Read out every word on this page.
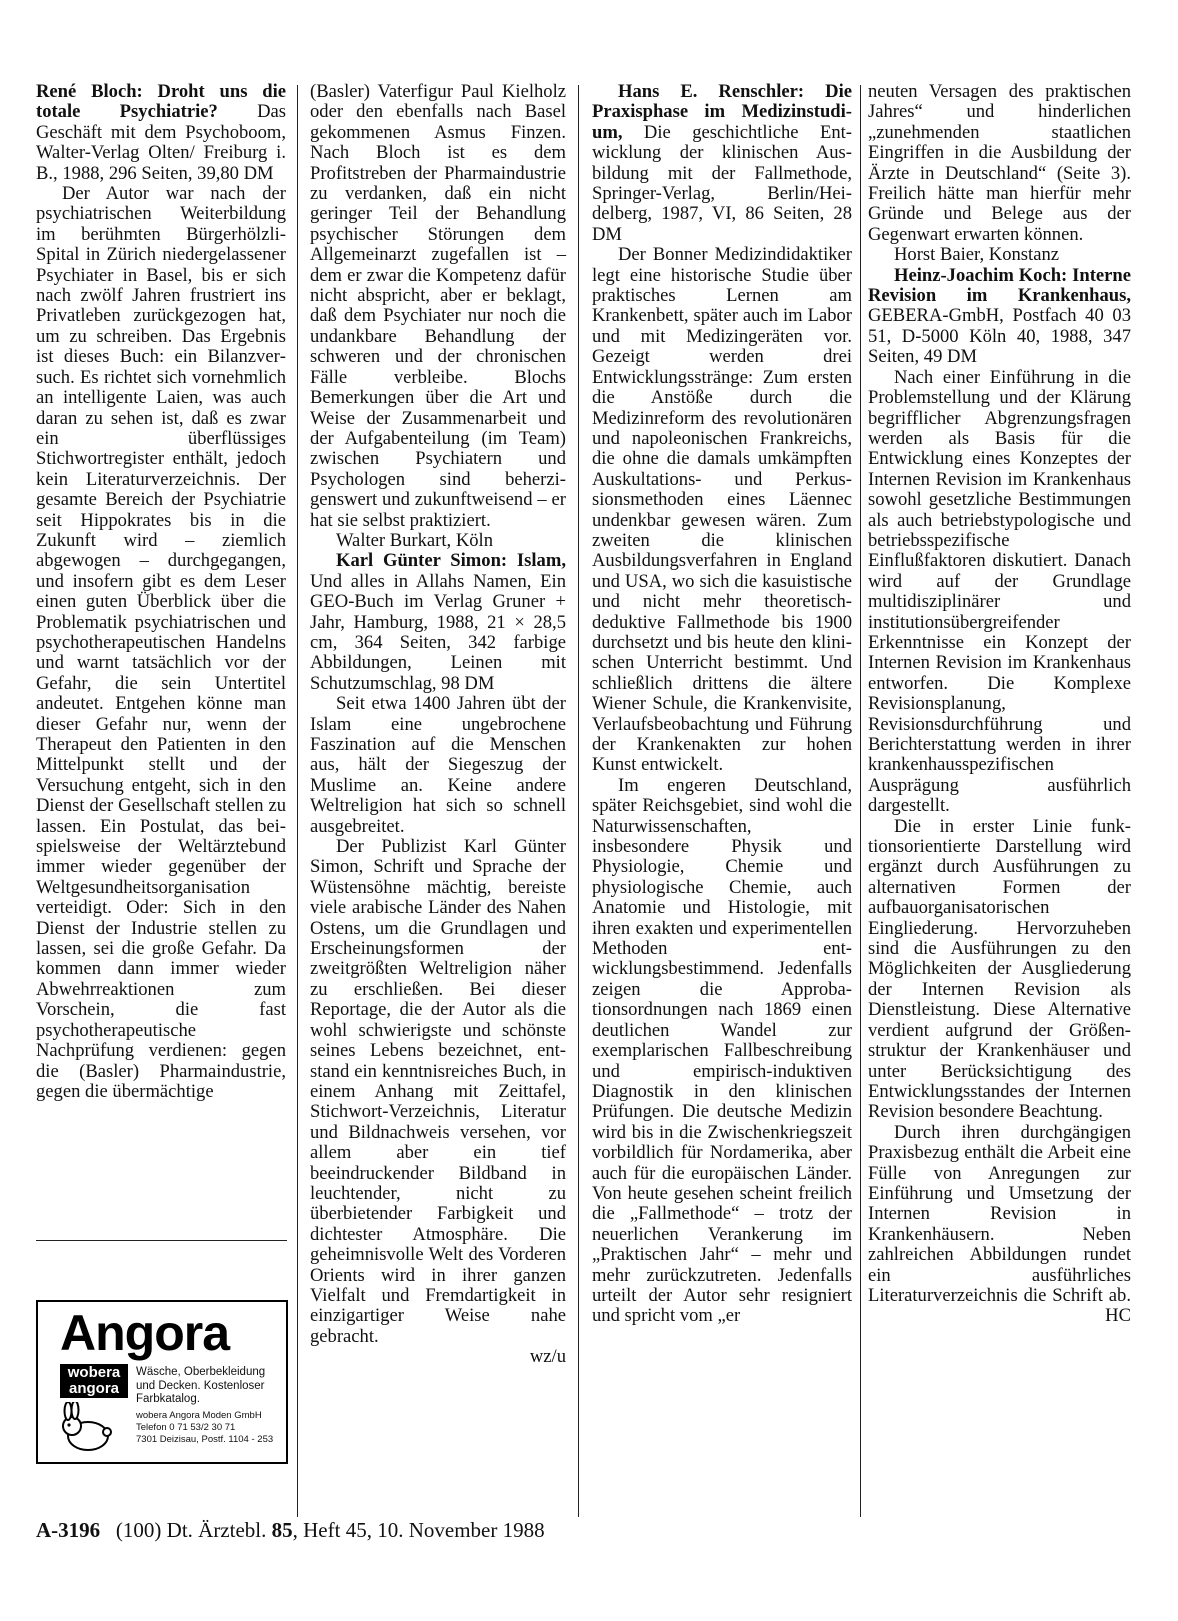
René Bloch: Droht uns die totale Psychiatrie? Das Geschäft mit dem Psychoboom, Walter-Verlag Olten/ Freiburg i. B., 1988, 296 Seiten, 39,80 DM

Der Autor war nach der psychiatrischen Weiterbildung im berühmten Bürgerhölzli-Spital in Zürich niedergelassener Psychiater in Basel, bis er sich nach zwölf Jahren frustriert ins Privatleben zurückgezogen hat, um zu schreiben. Das Ergebnis ist dieses Buch: ein Bilanzversuch. Es richtet sich vornehmlich an intelligente Laien, was auch daran zu sehen ist, daß es zwar ein überflüssiges Stichwortregister enthält, jedoch kein Literaturverzeichnis. Der gesamte Bereich der Psychiatrie seit Hippokrates bis in die Zukunft wird – ziemlich abgewogen – durchgegangen, und insofern gibt es dem Leser einen guten Überblick über die Problematik psychiatrischen und psychotherapeutischen Handelns und warnt tatsächlich vor der Gefahr, die sein Untertitel andeutet. Entgehen könne man dieser Gefahr nur, wenn der Therapeut den Patienten in den Mittelpunkt stellt und der Versuchung entgeht, sich in den Dienst der Gesellschaft stellen zu lassen. Ein Postulat, das beispielsweise der Weltärztebund immer wieder gegenüber der Weltgesundheitsorganisation verteidigt. Oder: Sich in den Dienst der Industrie stellen zu lassen, sei die große Gefahr. Da kommen dann immer wieder Abwehrreaktionen zum Vorschein, die fast psychotherapeutische Nachprüfung verdienen: gegen die (Basler) Pharmaindustrie, gegen die übermächtige

Angora
wobera
angora
Wäsche, Oberbekleidung und Decken. Kostenloser Farbkatalog.
wobera Angora Moden GmbH
Telefon 0 71 53/2 30 71
7301 Deizisau, Postf. 1104 - 253

(Basler) Vaterfigur Paul Kielholz oder den ebenfalls nach Basel gekommenen Asmus Finzen. Nach Bloch ist es dem Profitstreben der Pharmaindustrie zu verdanken, daß ein nicht geringer Teil der Behandlung psychischer Störungen dem Allgemeinarzt zugefallen ist – dem er zwar die Kompetenz dafür nicht abspricht, aber er beklagt, daß dem Psychiater nur noch die undankbare Behandlung der schweren und der chronischen Fälle verbleibe. Blochs Bemerkungen über die Art und Weise der Zusammenarbeit und der Aufgabenteilung (im Team) zwischen Psychiatern und Psychologen sind beherzigenswert und zukunftweisend – er hat sie selbst praktiziert.

Walter Burkart, Köln

Karl Günter Simon: Islam, Und alles in Allahs Namen, Ein GEO-Buch im Verlag Gruner + Jahr, Hamburg, 1988, 21 × 28,5 cm, 364 Seiten, 342 farbige Abbildungen, Leinen mit Schutzumschlag, 98 DM

Seit etwa 1400 Jahren übt der Islam eine ungebrochene Faszination auf die Menschen aus, hält der Siegeszug der Muslime an. Keine andere Weltreligion hat sich so schnell ausgebreitet.

Der Publizist Karl Günter Simon, Schrift und Sprache der Wüstensöhne mächtig, bereiste viele arabische Länder des Nahen Ostens, um die Grundlagen und Erscheinungsformen der zweitgrößten Weltreligion näher zu erschließen. Bei dieser Reportage, die der Autor als die wohl schwierigste und schönste seines Lebens bezeichnet, entstand ein kenntnisreiches Buch, in einem Anhang mit Zeittafel, Stichwort-Verzeichnis, Literatur und Bildnachweis versehen, vor allem aber ein tief beeindruckender Bildband in leuchtender, nicht zu überbietender Farbigkeit und dichtester Atmosphäre. Die geheimnisvolle Welt des Vorderen Orients wird in ihrer ganzen Vielfalt und Fremdartigkeit in einzigartiger Weise nahe gebracht.

wz/u

Hans E. Renschler: Die Praxisphase im Medizinstudium, Die geschichtliche Entwicklung der klinischen Ausbildung mit der Fallmethode, Springer-Verlag, Berlin/Heidelberg, 1987, VI, 86 Seiten, 28 DM

Der Bonner Medizindidaktiker legt eine historische Studie über praktisches Lernen am Krankenbett, später auch im Labor und mit Medizingeräten vor. Gezeigt werden drei Entwicklungsstränge: Zum ersten die Anstöße durch die Medizinreform des revolutionären und napoleonischen Frankreichs, die ohne die damals umkämpften Auskultations- und Perkussionsmethoden eines Läennec undenkbar gewesen wären. Zum zweiten die klinischen Ausbildungsverfahren in England und USA, wo sich die kasuistische und nicht mehr theoretisch-deduktive Fallmethode bis 1900 durchsetzt und bis heute den klinischen Unterricht bestimmt. Und schließlich drittens die ältere Wiener Schule, die Krankenvisite, Verlaufsbeobachtung und Führung der Krankenakten zur hohen Kunst entwickelt.

Im engeren Deutschland, später Reichsgebiet, sind wohl die Naturwissenschaften, insbesondere Physik und Physiologie, Chemie und physiologische Chemie, auch Anatomie und Histologie, mit ihren exakten und experimentellen Methoden entwicklungsbestimmend. Jedenfalls zeigen die Approbationsordnungen nach 1869 einen deutlichen Wandel zur exemplarischen Fallbeschreibung und empirisch-induktiven Diagnostik in den klinischen Prüfungen. Die deutsche Medizin wird bis in die Zwischenkriegszeit vorbildlich für Nordamerika, aber auch für die europäischen Länder. Von heute gesehen scheint freilich die „Fallmethode“ – trotz der neuerlichen Verankerung im „Praktischen Jahr“ – mehr und mehr zurückzutreten. Jedenfalls urteilt der Autor sehr resigniert und spricht vom „er

neuten Versagen des praktischen Jahres“ und hinderlichen „zunehmenden staatlichen Eingriffen in die Ausbildung der Ärzte in Deutschland“ (Seite 3). Freilich hätte man hierfür mehr Gründe und Belege aus der Gegenwart erwarten können.

Horst Baier, Konstanz

Heinz-Joachim Koch: Interne Revision im Krankenhaus, GEBERA-GmbH, Postfach 40 03 51, D-5000 Köln 40, 1988, 347 Seiten, 49 DM

Nach einer Einführung in die Problemstellung und der Klärung begrifflicher Abgrenzungsfragen werden als Basis für die Entwicklung eines Konzeptes der Internen Revision im Krankenhaus sowohl gesetzliche Bestimmungen als auch betriebstypologische und betriebsspezifische Einflußfaktoren diskutiert. Danach wird auf der Grundlage multidisziplinärer und institutionsübergreifender Erkenntnisse ein Konzept der Internen Revision im Krankenhaus entworfen. Die Komplexe Revisionsplanung, Revisionsdurchführung und Berichterstattung werden in ihrer krankenhausspezifischen Ausprägung ausführlich dargestellt.

Die in erster Linie funktionsorientierte Darstellung wird ergänzt durch Ausführungen zu alternativen Formen der aufbauorganisatorischen Eingliederung. Hervorzuheben sind die Ausführungen zu den Möglichkeiten der Ausgliederung der Internen Revision als Dienstleistung. Diese Alternative verdient aufgrund der Größenstruktur der Krankenhäuser und unter Berücksichtigung des Entwicklungsstandes der Internen Revision besondere Beachtung.

Durch ihren durchgängigen Praxisbezug enthält die Arbeit eine Fülle von Anregungen zur Einführung und Umsetzung der Internen Revision in Krankenhäusern. Neben zahlreichen Abbildungen rundet ein ausführliches Literaturverzeichnis die Schrift ab.

HC

A-3196 (100) Dt. Ärztebl. 85, Heft 45, 10. November 1988
